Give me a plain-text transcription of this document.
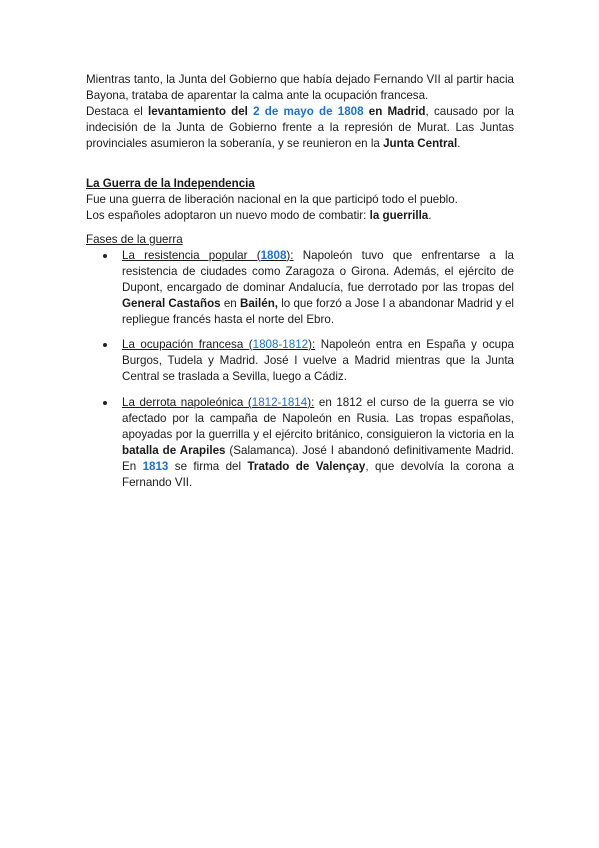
Mientras tanto, la Junta del Gobierno que había dejado Fernando VII al partir hacia Bayona, trataba de aparentar la calma ante la ocupación francesa.

Destaca el levantamiento del 2 de mayo de 1808 en Madrid, causado por la indecisión de la Junta de Gobierno frente a la represión de Murat. Las Juntas provinciales asumieron la soberanía, y se reunieron en la Junta Central.

La Guerra de la Independencia

Fue una guerra de liberación nacional en la que participó todo el pueblo.

Los españoles adoptaron un nuevo modo de combatir: la guerrilla.

Fases de la guerra

La resistencia popular (1808): Napoleón tuvo que enfrentarse a la resistencia de ciudades como Zaragoza o Girona. Además, el ejército de Dupont, encargado de dominar Andalucía, fue derrotado por las tropas del General Castaños en Bailén, lo que forzó a Jose I a abandonar Madrid y el repliegue francés hasta el norte del Ebro.

La ocupación francesa (1808-1812): Napoleón entra en España y ocupa Burgos, Tudela y Madrid. José I vuelve a Madrid mientras que la Junta Central se traslada a Sevilla, luego a Cádiz.

La derrota napoleónica (1812-1814): en 1812 el curso de la guerra se vio afectado por la campaña de Napoleón en Rusia. Las tropas españolas, apoyadas por la guerrilla y el ejército británico, consiguieron la victoria en la batalla de Arapiles (Salamanca). José I abandonó definitivamente Madrid. En 1813 se firma del Tratado de Valençay, que devolvía la corona a Fernando VII.
